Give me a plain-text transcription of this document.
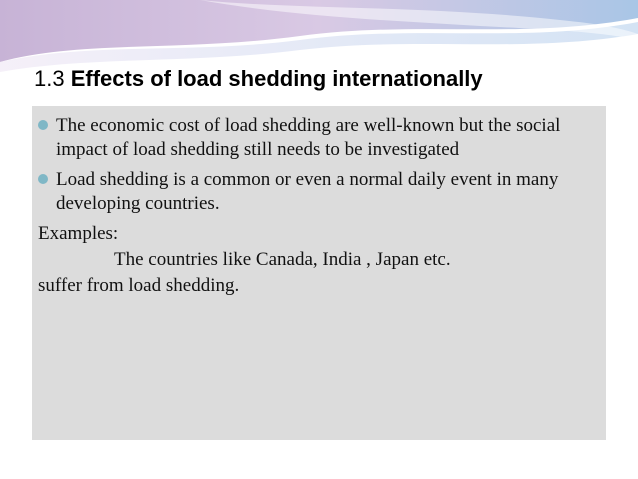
1.3 Effects of load shedding internationally
The economic cost of load shedding are well-known but the social impact of load shedding still needs to be investigated
Load shedding is a common or even a normal daily event in many developing countries.
Examples:
The countries like Canada, India , Japan etc.
suffer from load shedding.
